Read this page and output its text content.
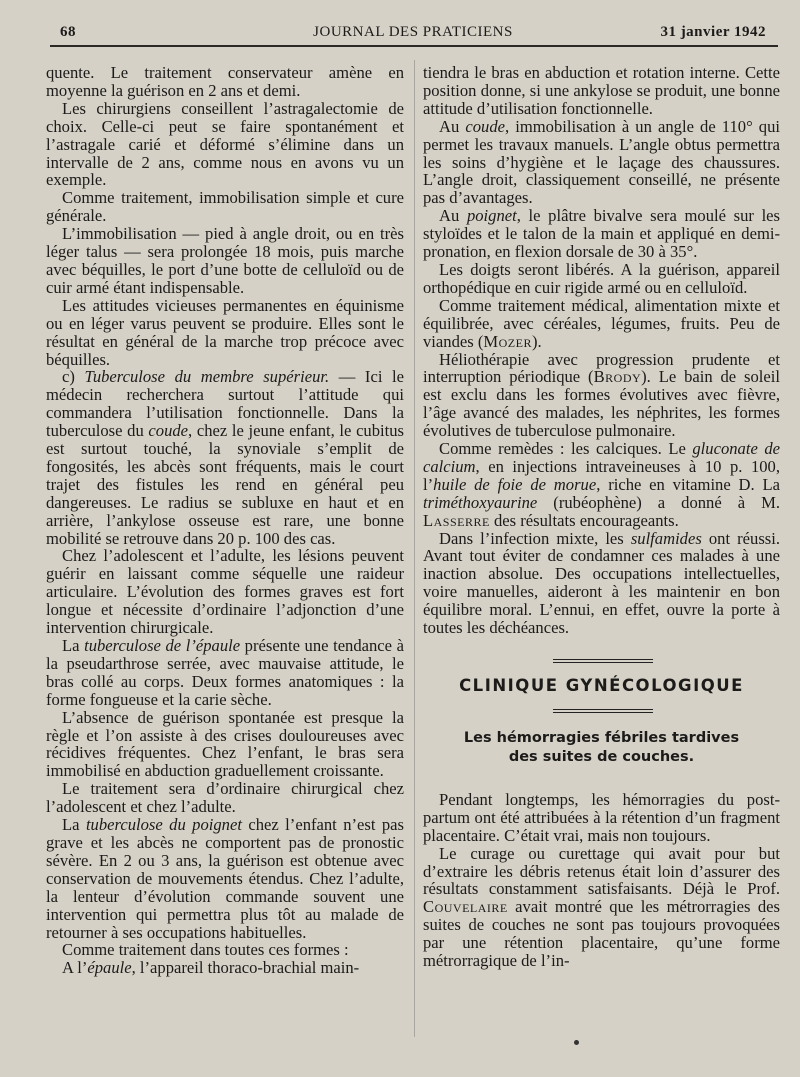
68	JOURNAL DES PRATICIENS	31 janvier 1942

quente. Le traitement conservateur amène en moyenne la guérison en 2 ans et demi.

Les chirurgiens conseillent l’astragalectomie de choix. Celle-ci peut se faire spontanément et l’astragale carié et déformé s’élimine dans un intervalle de 2 ans, comme nous en avons vu un exemple.

Comme traitement, immobilisation simple et cure générale.

L’immobilisation — pied à angle droit, ou en très léger talus — sera prolongée 18 mois, puis marche avec béquilles, le port d’une botte de celluloïd ou de cuir armé étant indispensable.

Les attitudes vicieuses permanentes en équinisme ou en léger varus peuvent se produire. Elles sont le résultat en général de la marche trop précoce avec béquilles.

c) Tuberculose du membre supérieur. — Ici le médecin recherchera surtout l’attitude qui commandera l’utilisation fonctionnelle. Dans la tuberculose du coude, chez le jeune enfant, le cubitus est surtout touché, la synoviale s’emplit de fongosités, les abcès sont fréquents, mais le court trajet des fistules les rend en général peu dangereuses. Le radius se subluxe en haut et en arrière, l’ankylose osseuse est rare, une bonne mobilité se retrouve dans 20 p. 100 des cas.

Chez l’adolescent et l’adulte, les lésions peuvent guérir en laissant comme séquelle une raideur articulaire. L’évolution des formes graves est fort longue et nécessite d’ordinaire l’adjonction d’une intervention chirurgicale.

La tuberculose de l’épaule présente une tendance à la pseudarthrose serrée, avec mauvaise attitude, le bras collé au corps. Deux formes anatomiques : la forme fongueuse et la carie sèche.

L’absence de guérison spontanée est presque la règle et l’on assiste à des crises douloureuses avec récidives fréquentes. Chez l’enfant, le bras sera immobilisé en abduction graduellement croissante.

Le traitement sera d’ordinaire chirurgical chez l’adolescent et chez l’adulte.

La tuberculose du poignet chez l’enfant n’est pas grave et les abcès ne comportent pas de pronostic sévère. En 2 ou 3 ans, la guérison est obtenue avec conservation de mouvements étendus. Chez l’adulte, la lenteur d’évolution commande souvent une intervention qui permettra plus tôt au malade de retourner à ses occupations habituelles.

Comme traitement dans toutes ces formes :

A l’épaule, l’appareil thoraco-brachial main-

tiendra le bras en abduction et rotation interne. Cette position donne, si une ankylose se produit, une bonne attitude d’utilisation fonctionnelle.

Au coude, immobilisation à un angle de 110° qui permet les travaux manuels. L’angle obtus permettra les soins d’hygiène et le laçage des chaussures. L’angle droit, classiquement conseillé, ne présente pas d’avantages.

Au poignet, le plâtre bivalve sera moulé sur les styloïdes et le talon de la main et appliqué en demi-pronation, en flexion dorsale de 30 à 35°.

Les doigts seront libérés. A la guérison, appareil orthopédique en cuir rigide armé ou en celluloïd.

Comme traitement médical, alimentation mixte et équilibrée, avec céréales, légumes, fruits. Peu de viandes (Mozer).

Héliothérapie avec progression prudente et interruption périodique (Brody). Le bain de soleil est exclu dans les formes évolutives avec fièvre, l’âge avancé des malades, les néphrites, les formes évolutives de tuberculose pulmonaire.

Comme remèdes : les calciques. Le gluconate de calcium, en injections intraveineuses à 10 p. 100, l’huile de foie de morue, riche en vitamine D. La triméthoxyaurine (rubéophène) a donné à M. Lasserre des résultats encourageants.

Dans l’infection mixte, les sulfamides ont réussi. Avant tout éviter de condamner ces malades à une inaction absolue. Des occupations intellectuelles, voire manuelles, aideront à les maintenir en bon équilibre moral. L’ennui, en effet, ouvre la porte à toutes les déchéances.

CLINIQUE GYNÉCOLOGIQUE
Les hémorragies fébriles tardives
des suites de couches.

Pendant longtemps, les hémorragies du post-partum ont été attribuées à la rétention d’un fragment placentaire. C’était vrai, mais non toujours.

Le curage ou curettage qui avait pour but d’extraire les débris retenus était loin d’assurer des résultats constamment satisfaisants. Déjà le Prof. Couvelaire avait montré que les métrorragies des suites de couches ne sont pas toujours provoquées par une rétention placentaire, qu’une forme métrorragique de l’in-
